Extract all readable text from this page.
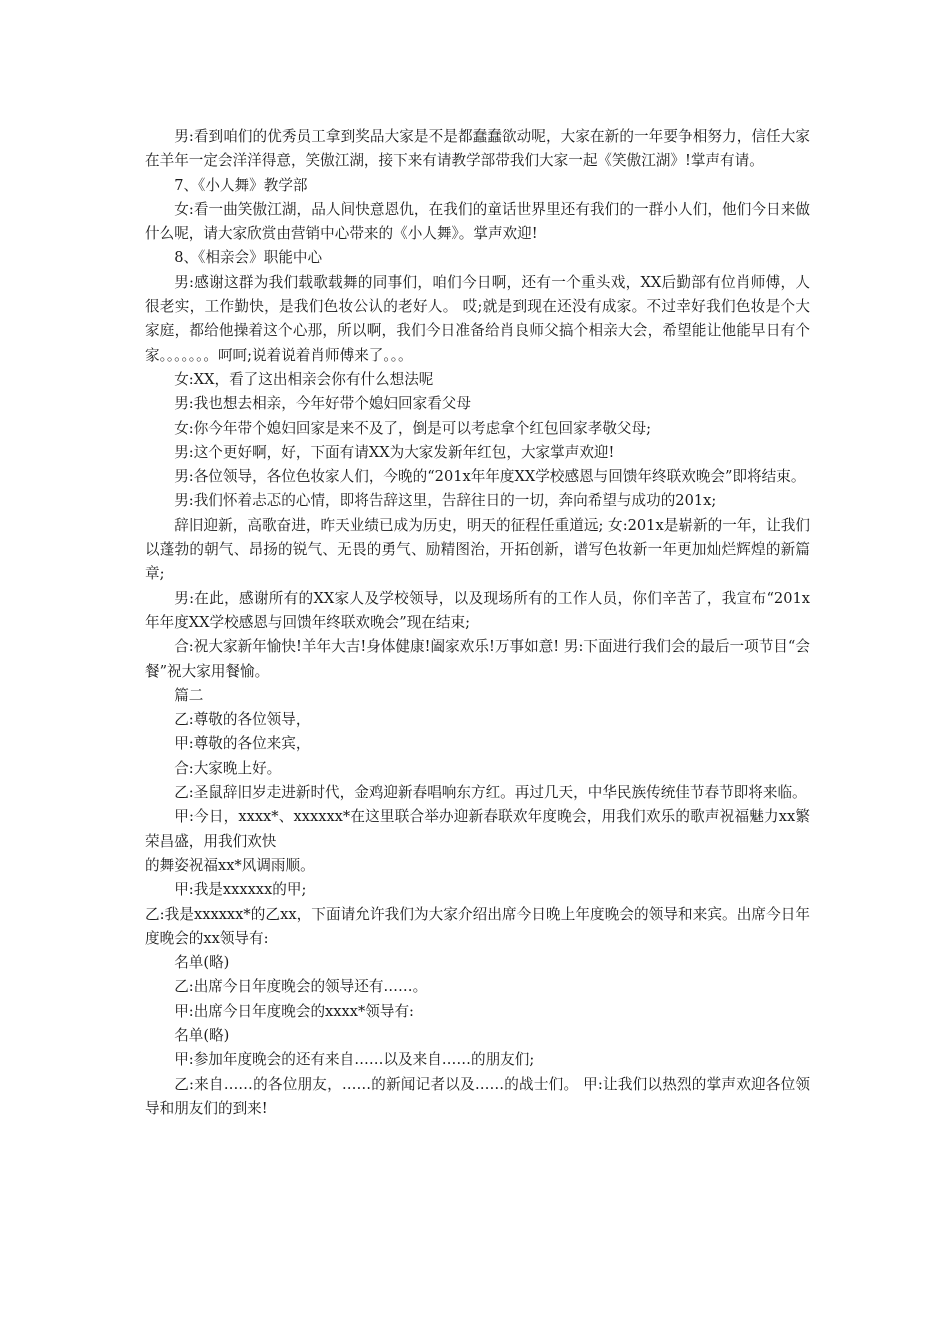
男:看到咱们的优秀员工拿到奖品大家是不是都蠢蠢欲动呢，大家在新的一年要争相努力，信任大家在羊年一定会洋洋得意，笑傲江湖，接下来有请教学部带我们大家一起《笑傲江湖》!掌声有请。

7、《小人舞》教学部

女:看一曲笑傲江湖，品人间快意恩仇，在我们的童话世界里还有我们的一群小人们，他们今日来做什么呢，请大家欣赏由营销中心带来的《小人舞》。掌声欢迎!

8、《相亲会》职能中心

男:感谢这群为我们载歌载舞的同事们，咱们今日啊，还有一个重头戏，XX后勤部有位肖师傅，人很老实，工作勤快，是我们色妆公认的老好人。 哎;就是到现在还没有成家。不过幸好我们色妆是个大家庭，都给他操着这个心那，所以啊，我们今日准备给肖良师父搞个相亲大会，希望能让他能早日有个家。。。。。。。呵呵;说着说着肖师傅来了。。。

女:XX，看了这出相亲会你有什么想法呢

男:我也想去相亲，今年好带个媳妇回家看父母

女:你今年带个媳妇回家是来不及了，倒是可以考虑拿个红包回家孝敬父母;

男:这个更好啊，好，下面有请XX为大家发新年红包，大家掌声欢迎!

男:各位领导，各位色妆家人们，今晚的“201x年年度XX学校感恩与回馈年终联欢晚会”即将结束。

男:我们怀着忐忑的心情，即将告辞这里，告辞往日的一切，奔向希望与成功的201x;

辞旧迎新，高歌奋进，昨天业绩已成为历史，明天的征程任重道远; 女:201x是崭新的一年，让我们以蓬勃的朝气、昂扬的锐气、无畏的勇气、励精图治，开拓创新，谱写色妆新一年更加灿烂辉煌的新篇章;

男:在此，感谢所有的XX家人及学校领导，以及现场所有的工作人员，你们辛苦了，我宣布“201x年年度XX学校感恩与回馈年终联欢晚会”现在结束;

合:祝大家新年愉快!羊年大吉!身体健康!阖家欢乐!万事如意! 男:下面进行我们会的最后一项节目“会餐”祝大家用餐愉。

篇二

乙:尊敬的各位领导，

甲:尊敬的各位来宾，

合:大家晚上好。

乙:圣鼠辞旧岁走进新时代，金鸡迎新春唱响东方红。再过几天，中华民族传统佳节春节即将来临。

甲:今日，xxxx*、xxxxxx*在这里联合举办迎新春联欢年度晚会，用我们欢乐的歌声祝福魅力xx繁荣昌盛，用我们欢快

的舞姿祝福xx*风调雨顺。

甲:我是xxxxxx的甲;

乙:我是xxxxxx*的乙xx，下面请允许我们为大家介绍出席今日晚上年度晚会的领导和来宾。出席今日年度晚会的xx领导有:

名单(略)

乙:出席今日年度晚会的领导还有……。

甲:出席今日年度晚会的xxxx*领导有:

名单(略)

甲:参加年度晚会的还有来自……以及来自……的朋友们;

乙:来自……的各位朋友，……的新闻记者以及……的战士们。 甲:让我们以热烈的掌声欢迎各位领导和朋友们的到来!
